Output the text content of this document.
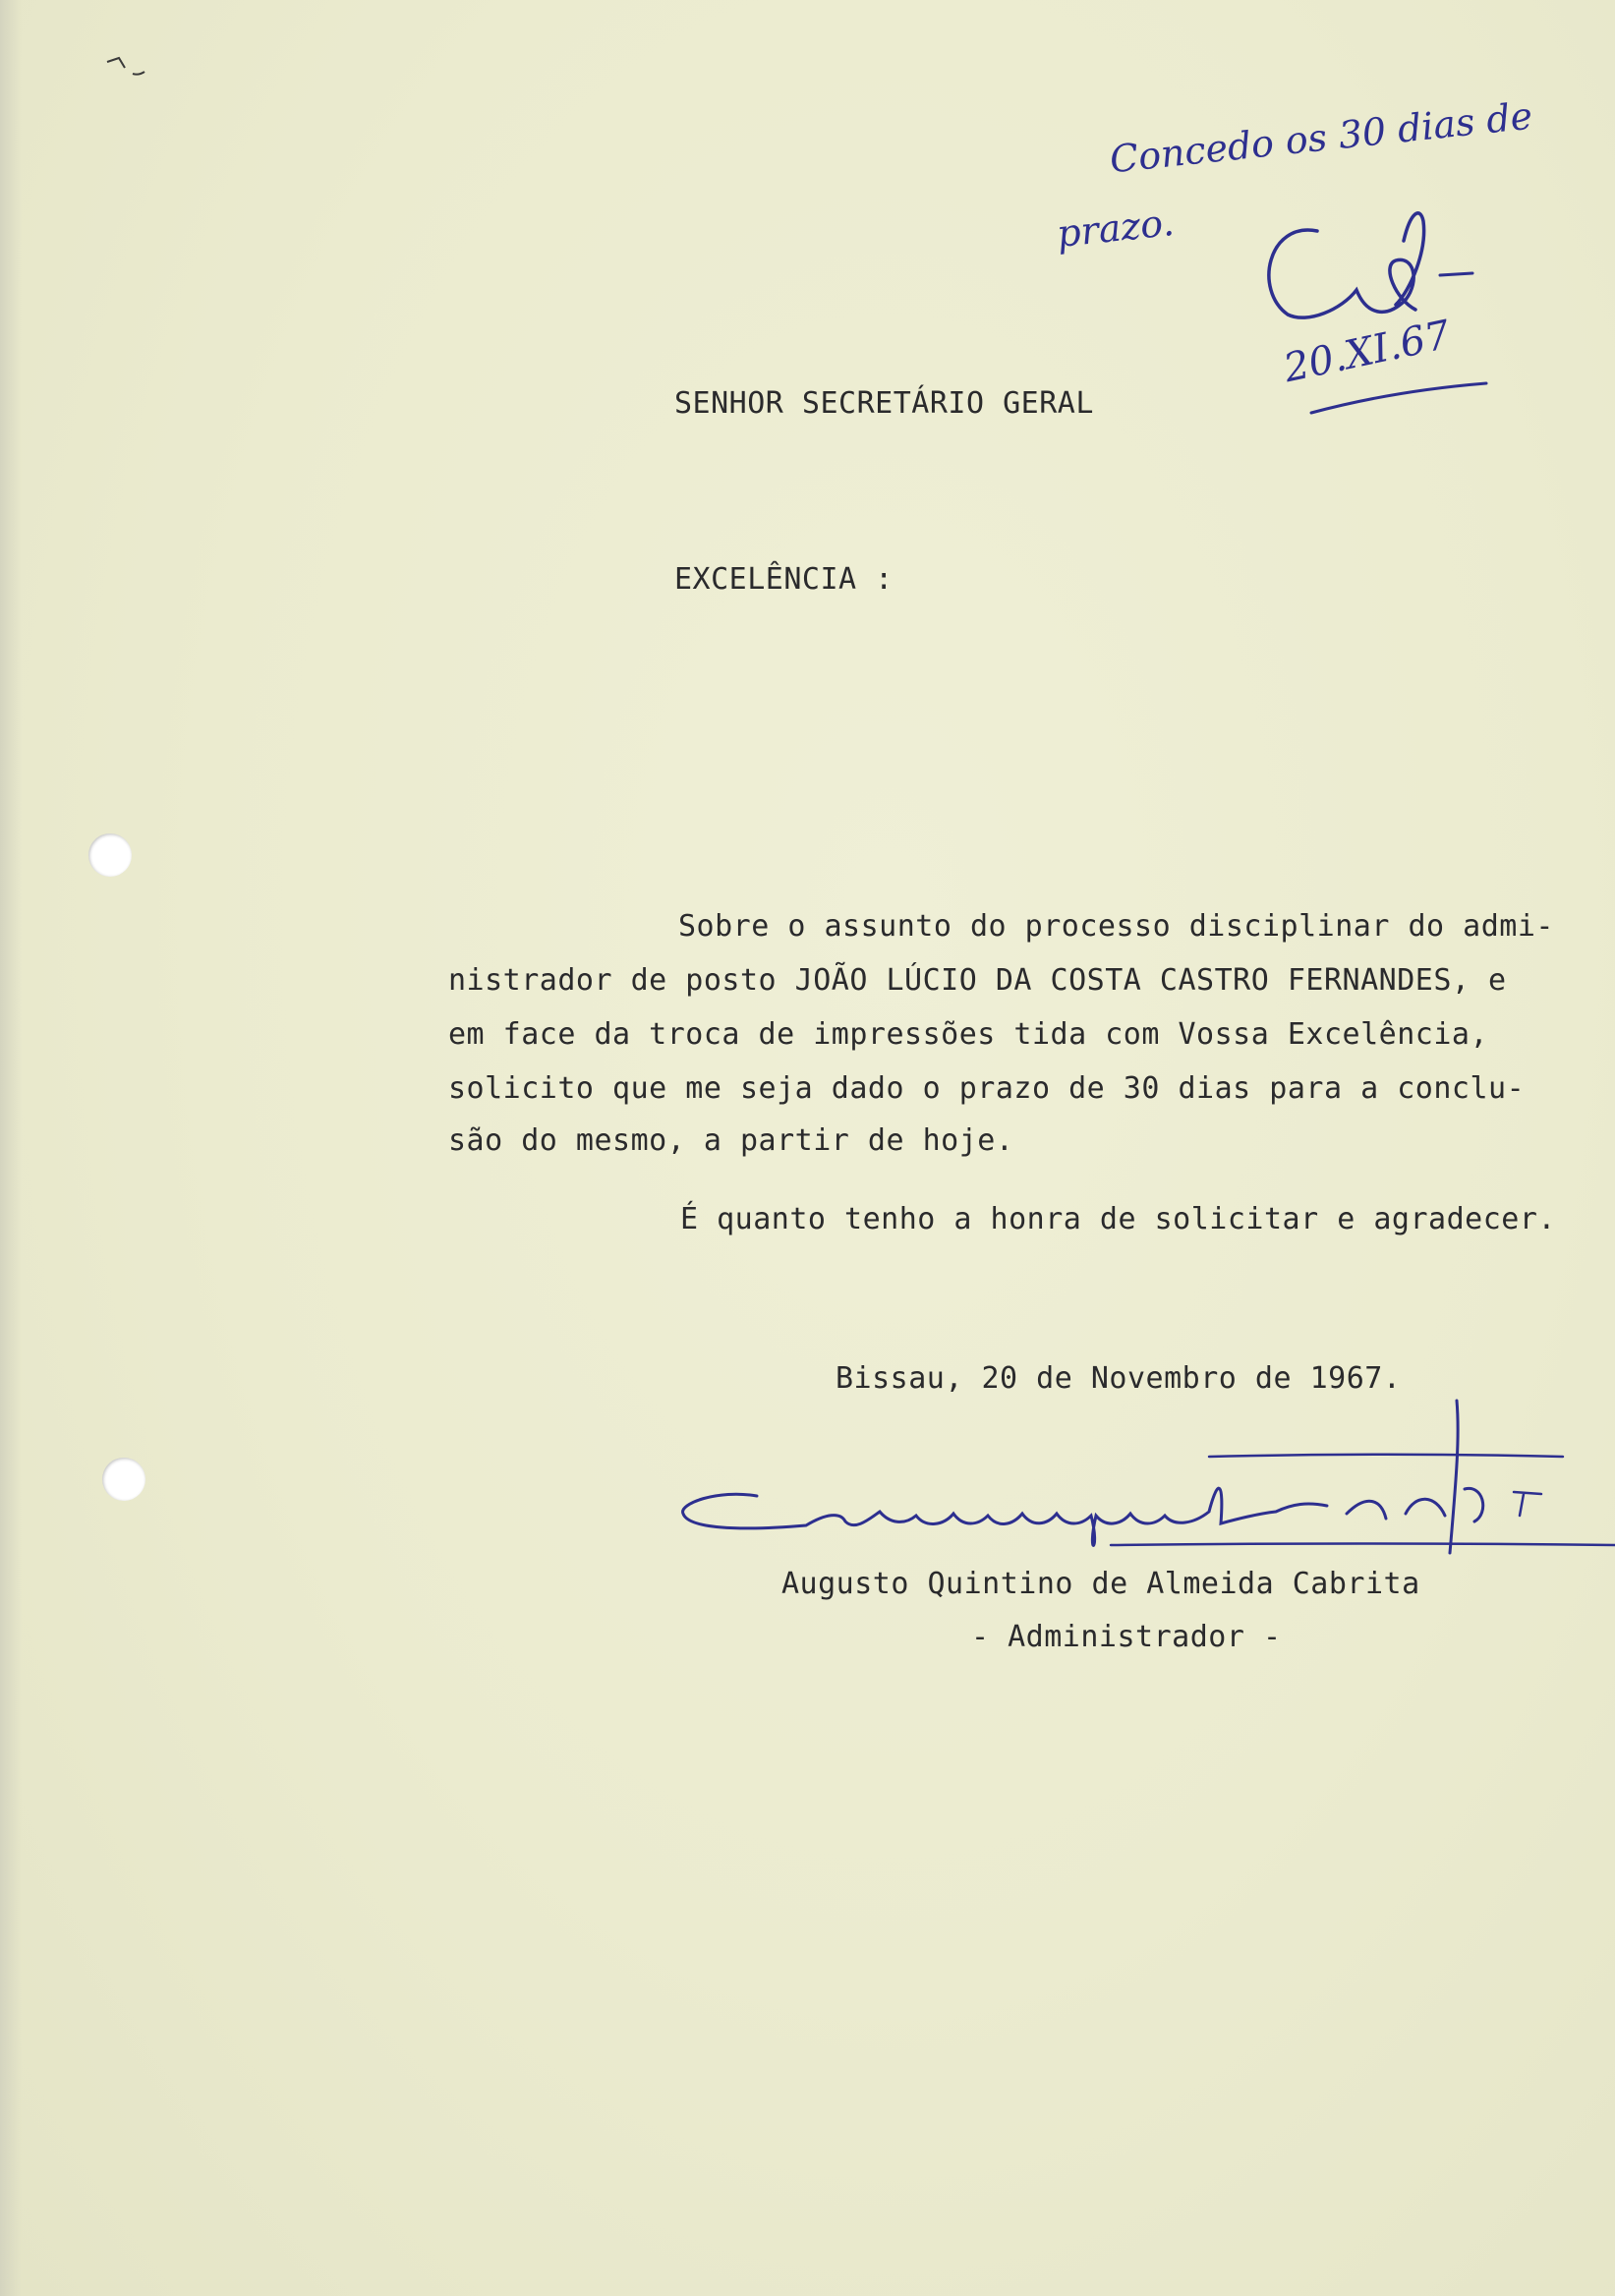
Concedo os 30 dias de
prazo.
20.XI.67
SENHOR SECRETÁRIO GERAL
EXCELÊNCIA :
Sobre o assunto do processo disciplinar do admi-
nistrador de posto JOÃO LÚCIO DA COSTA CASTRO FERNANDES, e
em face da troca de impressões tida com Vossa Excelência,
solicito que me seja dado o prazo de 30 dias para a conclu-
são do mesmo, a partir de hoje.
É quanto tenho a honra de solicitar e agradecer.
Bissau, 20 de Novembro de 1967.
Augusto Quintino de Almeida Cabrita
- Administrador -
